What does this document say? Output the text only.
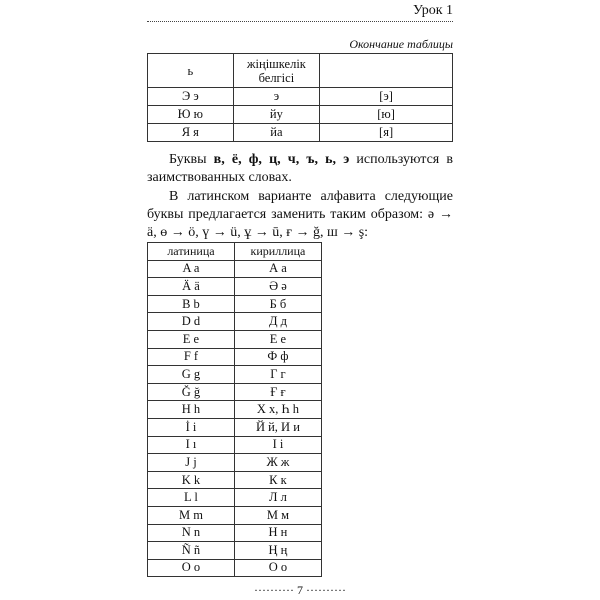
Урок 1
Окончание таблицы
ь	жіңішкелік белгісі	
Э э	э	[э]
Ю ю	йу	[ю]
Я я	йа	[я]

Буквы в, ё, ф, ц, ч, ъ, ь, э используются в заимствованных словах.

В латинском варианте алфавита следующие буквы предлагается заменить таким образом: ә → ä, ө → ö, ү → ü, ұ → ū, ғ → ğ, ш → ş:

латиница	кириллица
A a	А а
Ä ä	Ә ә
B b	Б б
D d	Д д
E e	Е е
F f	Ф ф
G g	Г г
Ğ ğ	Ғ ғ
H h	Х х, Һ һ
İ i	Й й, И и
I ı	І і
J j	Ж ж
K k	К к
L l	Л л
M m	М м
N n	Н н
Ñ ñ	Ң ң
O o	О о
·········· 7 ··········
